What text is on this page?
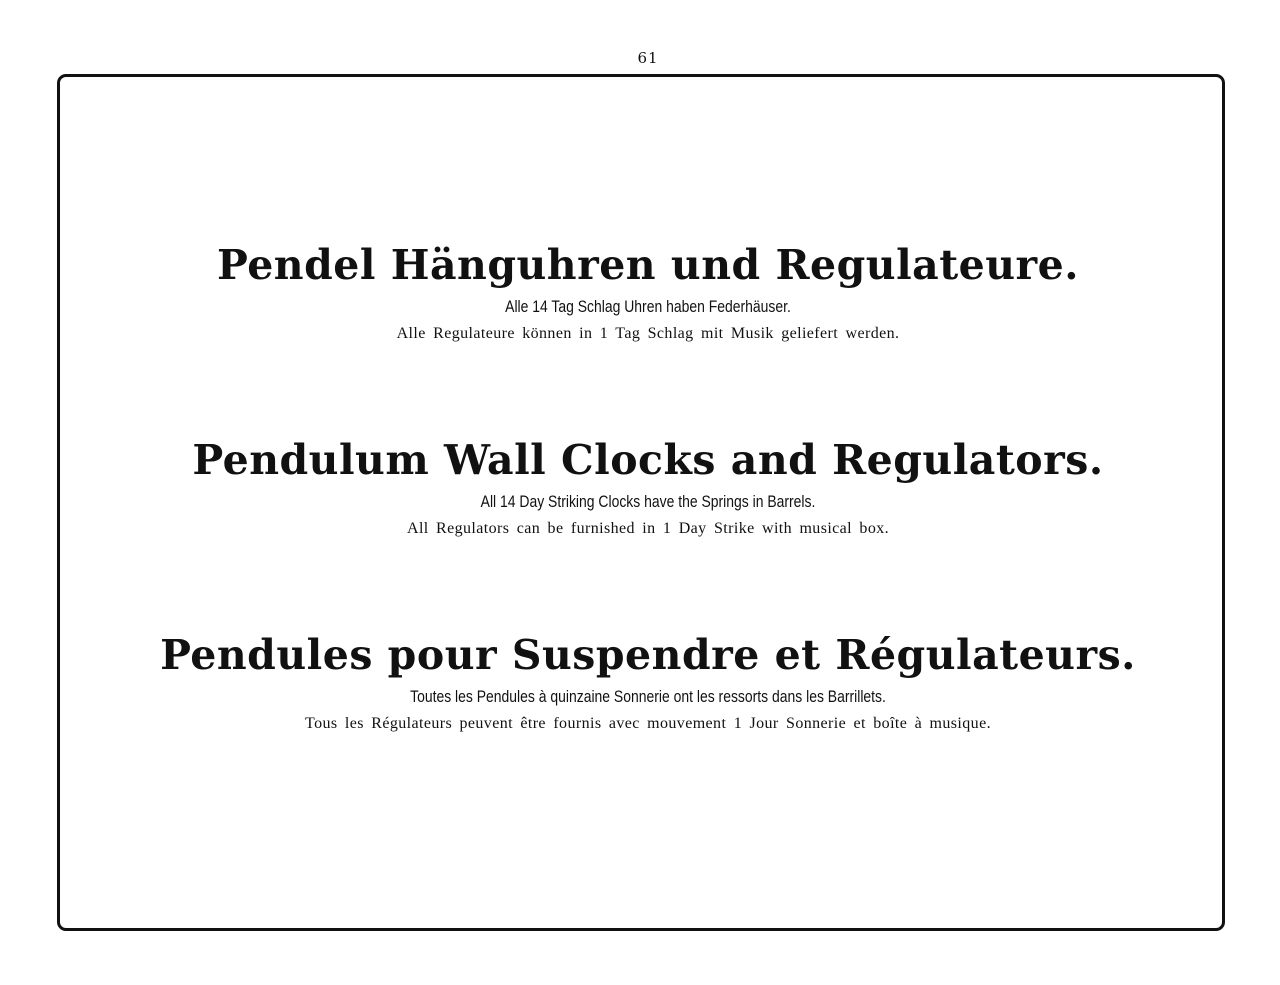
61
Pendel Hänguhren und Regulateure.
Alle 14 Tag Schlag Uhren haben Federhäuser.
Alle Regulateure können in 1 Tag Schlag mit Musik geliefert werden.
Pendulum Wall Clocks and Regulators.
All 14 Day Striking Clocks have the Springs in Barrels.
All Regulators can be furnished in 1 Day Strike with musical box.
Pendules pour Suspendre et Régulateurs.
Toutes les Pendules à quinzaine Sonnerie ont les ressorts dans les Barrillets.
Tous les Régulateurs peuvent être fournis avec mouvement 1 Jour Sonnerie et boîte à musique.
